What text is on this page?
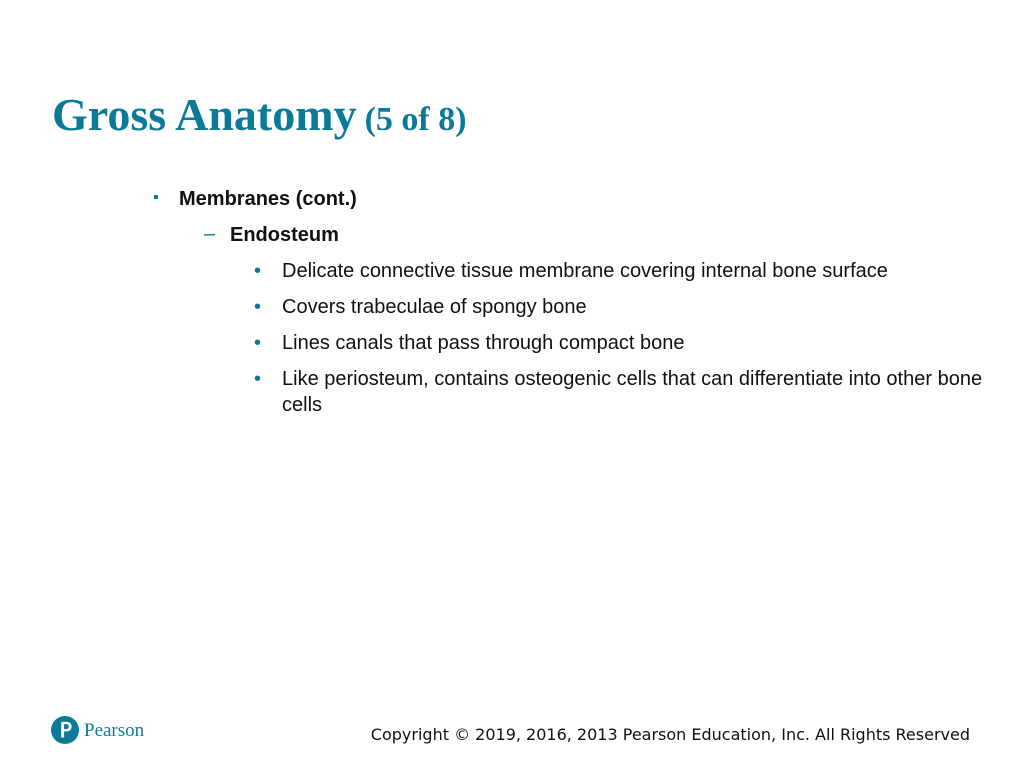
Gross Anatomy (5 of 8)
▪	Membranes (cont.)
– Endosteum
•	Delicate connective tissue membrane covering internal bone surface
•	Covers trabeculae of spongy bone
•	Lines canals that pass through compact bone
•	Like periosteum, contains osteogenic cells that can differentiate into other bone cells
Pearson	Copyright © 2019, 2016, 2013 Pearson Education, Inc. All Rights Reserved
